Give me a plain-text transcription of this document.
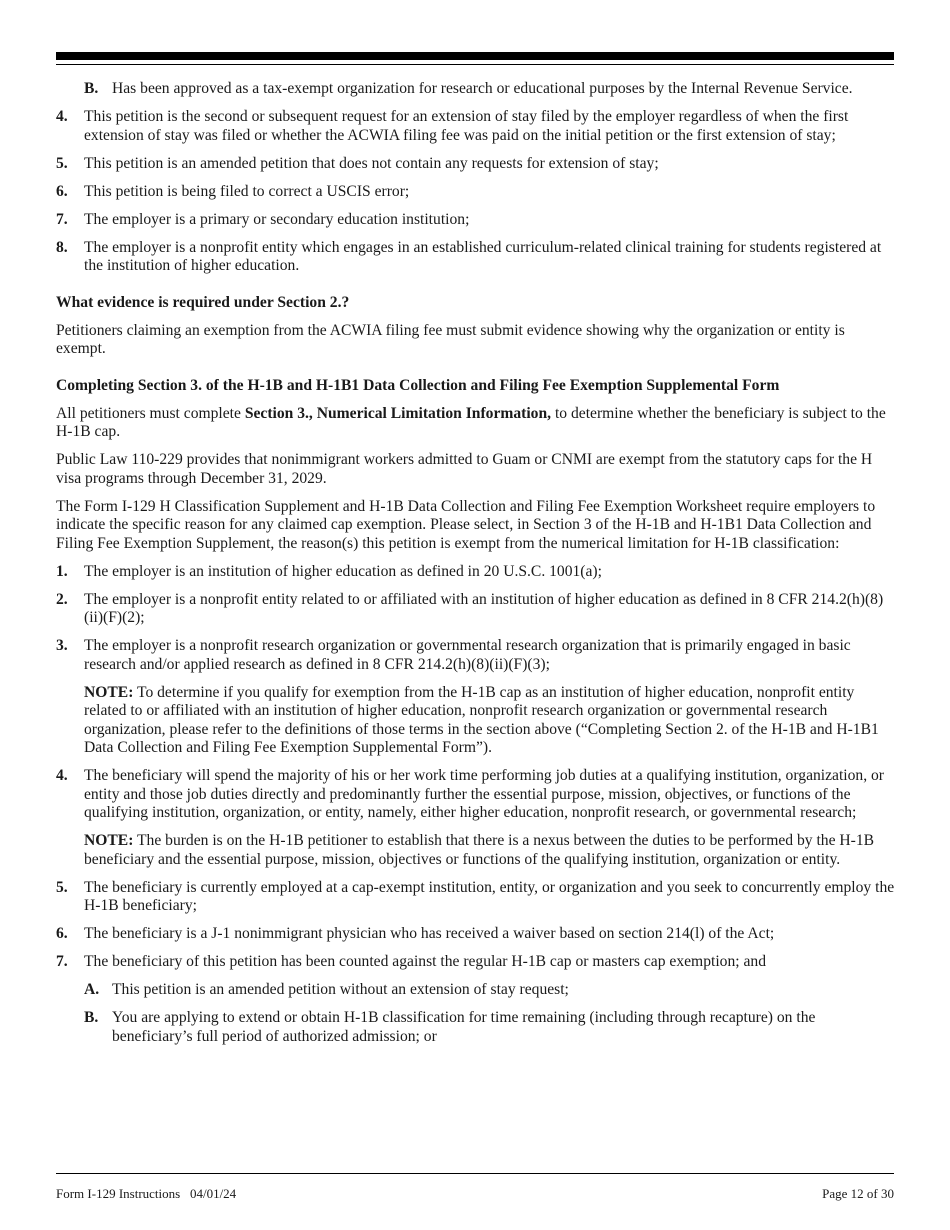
B. Has been approved as a tax-exempt organization for research or educational purposes by the Internal Revenue Service.
4.	This petition is the second or subsequent request for an extension of stay filed by the employer regardless of when the first extension of stay was filed or whether the ACWIA filing fee was paid on the initial petition or the first extension of stay;
5.	This petition is an amended petition that does not contain any requests for extension of stay;
6.	This petition is being filed to correct a USCIS error;
7.	The employer is a primary or secondary education institution;
8.	The employer is a nonprofit entity which engages in an established curriculum-related clinical training for students registered at the institution of higher education.
What evidence is required under Section 2.?
Petitioners claiming an exemption from the ACWIA filing fee must submit evidence showing why the organization or entity is exempt.
Completing Section 3. of the H-1B and H-1B1 Data Collection and Filing Fee Exemption Supplemental Form
All petitioners must complete Section 3., Numerical Limitation Information, to determine whether the beneficiary is subject to the H-1B cap.
Public Law 110-229 provides that nonimmigrant workers admitted to Guam or CNMI are exempt from the statutory caps for the H visa programs through December 31, 2029.
The Form I-129 H Classification Supplement and H-1B Data Collection and Filing Fee Exemption Worksheet require employers to indicate the specific reason for any claimed cap exemption. Please select, in Section 3 of the H-1B and H-1B1 Data Collection and Filing Fee Exemption Supplement, the reason(s) this petition is exempt from the numerical limitation for H-1B classification:
1.	The employer is an institution of higher education as defined in 20 U.S.C. 1001(a);
2.	The employer is a nonprofit entity related to or affiliated with an institution of higher education as defined in 8 CFR 214.2(h)(8)(ii)(F)(2);
3.	The employer is a nonprofit research organization or governmental research organization that is primarily engaged in basic research and/or applied research as defined in 8 CFR 214.2(h)(8)(ii)(F)(3);
NOTE: To determine if you qualify for exemption from the H-1B cap as an institution of higher education, nonprofit entity related to or affiliated with an institution of higher education, nonprofit research organization or governmental research organization, please refer to the definitions of those terms in the section above (“Completing Section 2. of the H-1B and H-1B1 Data Collection and Filing Fee Exemption Supplemental Form”).
4.	The beneficiary will spend the majority of his or her work time performing job duties at a qualifying institution, organization, or entity and those job duties directly and predominantly further the essential purpose, mission, objectives, or functions of the qualifying institution, organization, or entity, namely, either higher education, nonprofit research, or governmental research;
NOTE: The burden is on the H-1B petitioner to establish that there is a nexus between the duties to be performed by the H-1B beneficiary and the essential purpose, mission, objectives or functions of the qualifying institution, organization or entity.
5.	The beneficiary is currently employed at a cap-exempt institution, entity, or organization and you seek to concurrently employ the H-1B beneficiary;
6.	The beneficiary is a J-1 nonimmigrant physician who has received a waiver based on section 214(l) of the Act;
7.	The beneficiary of this petition has been counted against the regular H-1B cap or masters cap exemption; and
A. This petition is an amended petition without an extension of stay request;
B. You are applying to extend or obtain H-1B classification for time remaining (including through recapture) on the beneficiary’s full period of authorized admission; or
Form I-129 Instructions   04/01/24	Page 12 of 30
